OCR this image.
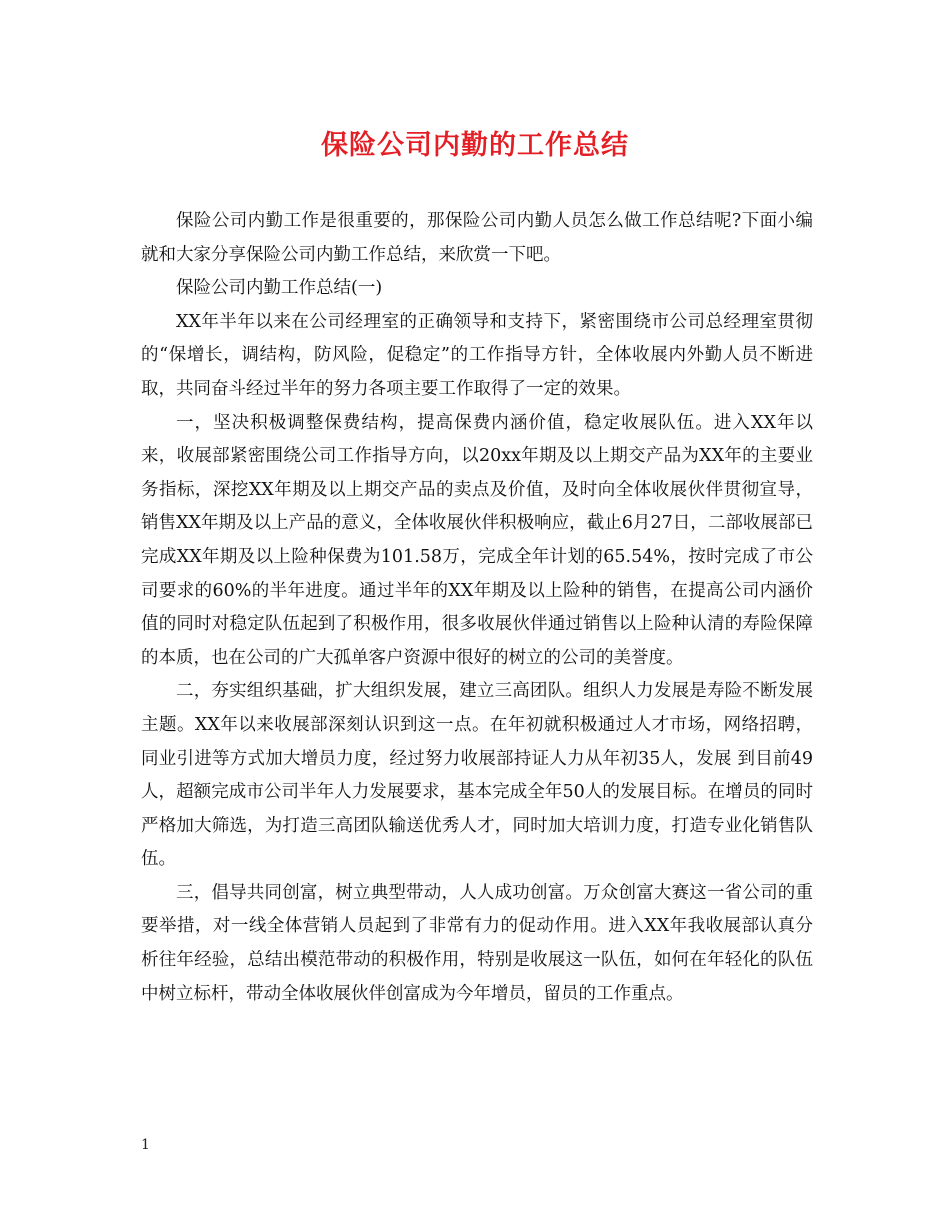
保险公司内勤的工作总结

保险公司内勤工作是很重要的，那保险公司内勤人员怎么做工作总结呢?下面小编就和大家分享保险公司内勤工作总结，来欣赏一下吧。

保险公司内勤工作总结(一)

XX年半年以来在公司经理室的正确领导和支持下，紧密围绕市公司总经理室贯彻的“保增长，调结构，防风险，促稳定”的工作指导方针，全体收展内外勤人员不断进取，共同奋斗经过半年的努力各项主要工作取得了一定的效果。

一，坚决积极调整保费结构，提高保费内涵价值，稳定收展队伍。进入XX年以来，收展部紧密围绕公司工作指导方向，以20xx年期及以上期交产品为XX年的主要业务指标，深挖XX年期及以上期交产品的卖点及价值，及时向全体收展伙伴贯彻宣导，销售XX年期及以上产品的意义，全体收展伙伴积极响应，截止6月27日，二部收展部已完成XX年期及以上险种保费为101.58万，完成全年计划的65.54%，按时完成了市公司要求的60%的半年进度。通过半年的XX年期及以上险种的销售，在提高公司内涵价值的同时对稳定队伍起到了积极作用，很多收展伙伴通过销售以上险种认清的寿险保障的本质，也在公司的广大孤单客户资源中很好的树立的公司的美誉度。

二，夯实组织基础，扩大组织发展，建立三高团队。组织人力发展是寿险不断发展主题。XX年以来收展部深刻认识到这一点。在年初就积极通过人才市场，网络招聘，同业引进等方式加大增员力度，经过努力收展部持证人力从年初35人，发展 到目前49人，超额完成市公司半年人力发展要求，基本完成全年50人的发展目标。在增员的同时严格加大筛选，为打造三高团队输送优秀人才，同时加大培训力度，打造专业化销售队伍。

三，倡导共同创富，树立典型带动，人人成功创富。万众创富大赛这一省公司的重要举措，对一线全体营销人员起到了非常有力的促动作用。进入XX年我收展部认真分析往年经验，总结出模范带动的积极作用，特别是收展这一队伍，如何在年轻化的队伍中树立标杆，带动全体收展伙伴创富成为今年增员，留员的工作重点。

1
